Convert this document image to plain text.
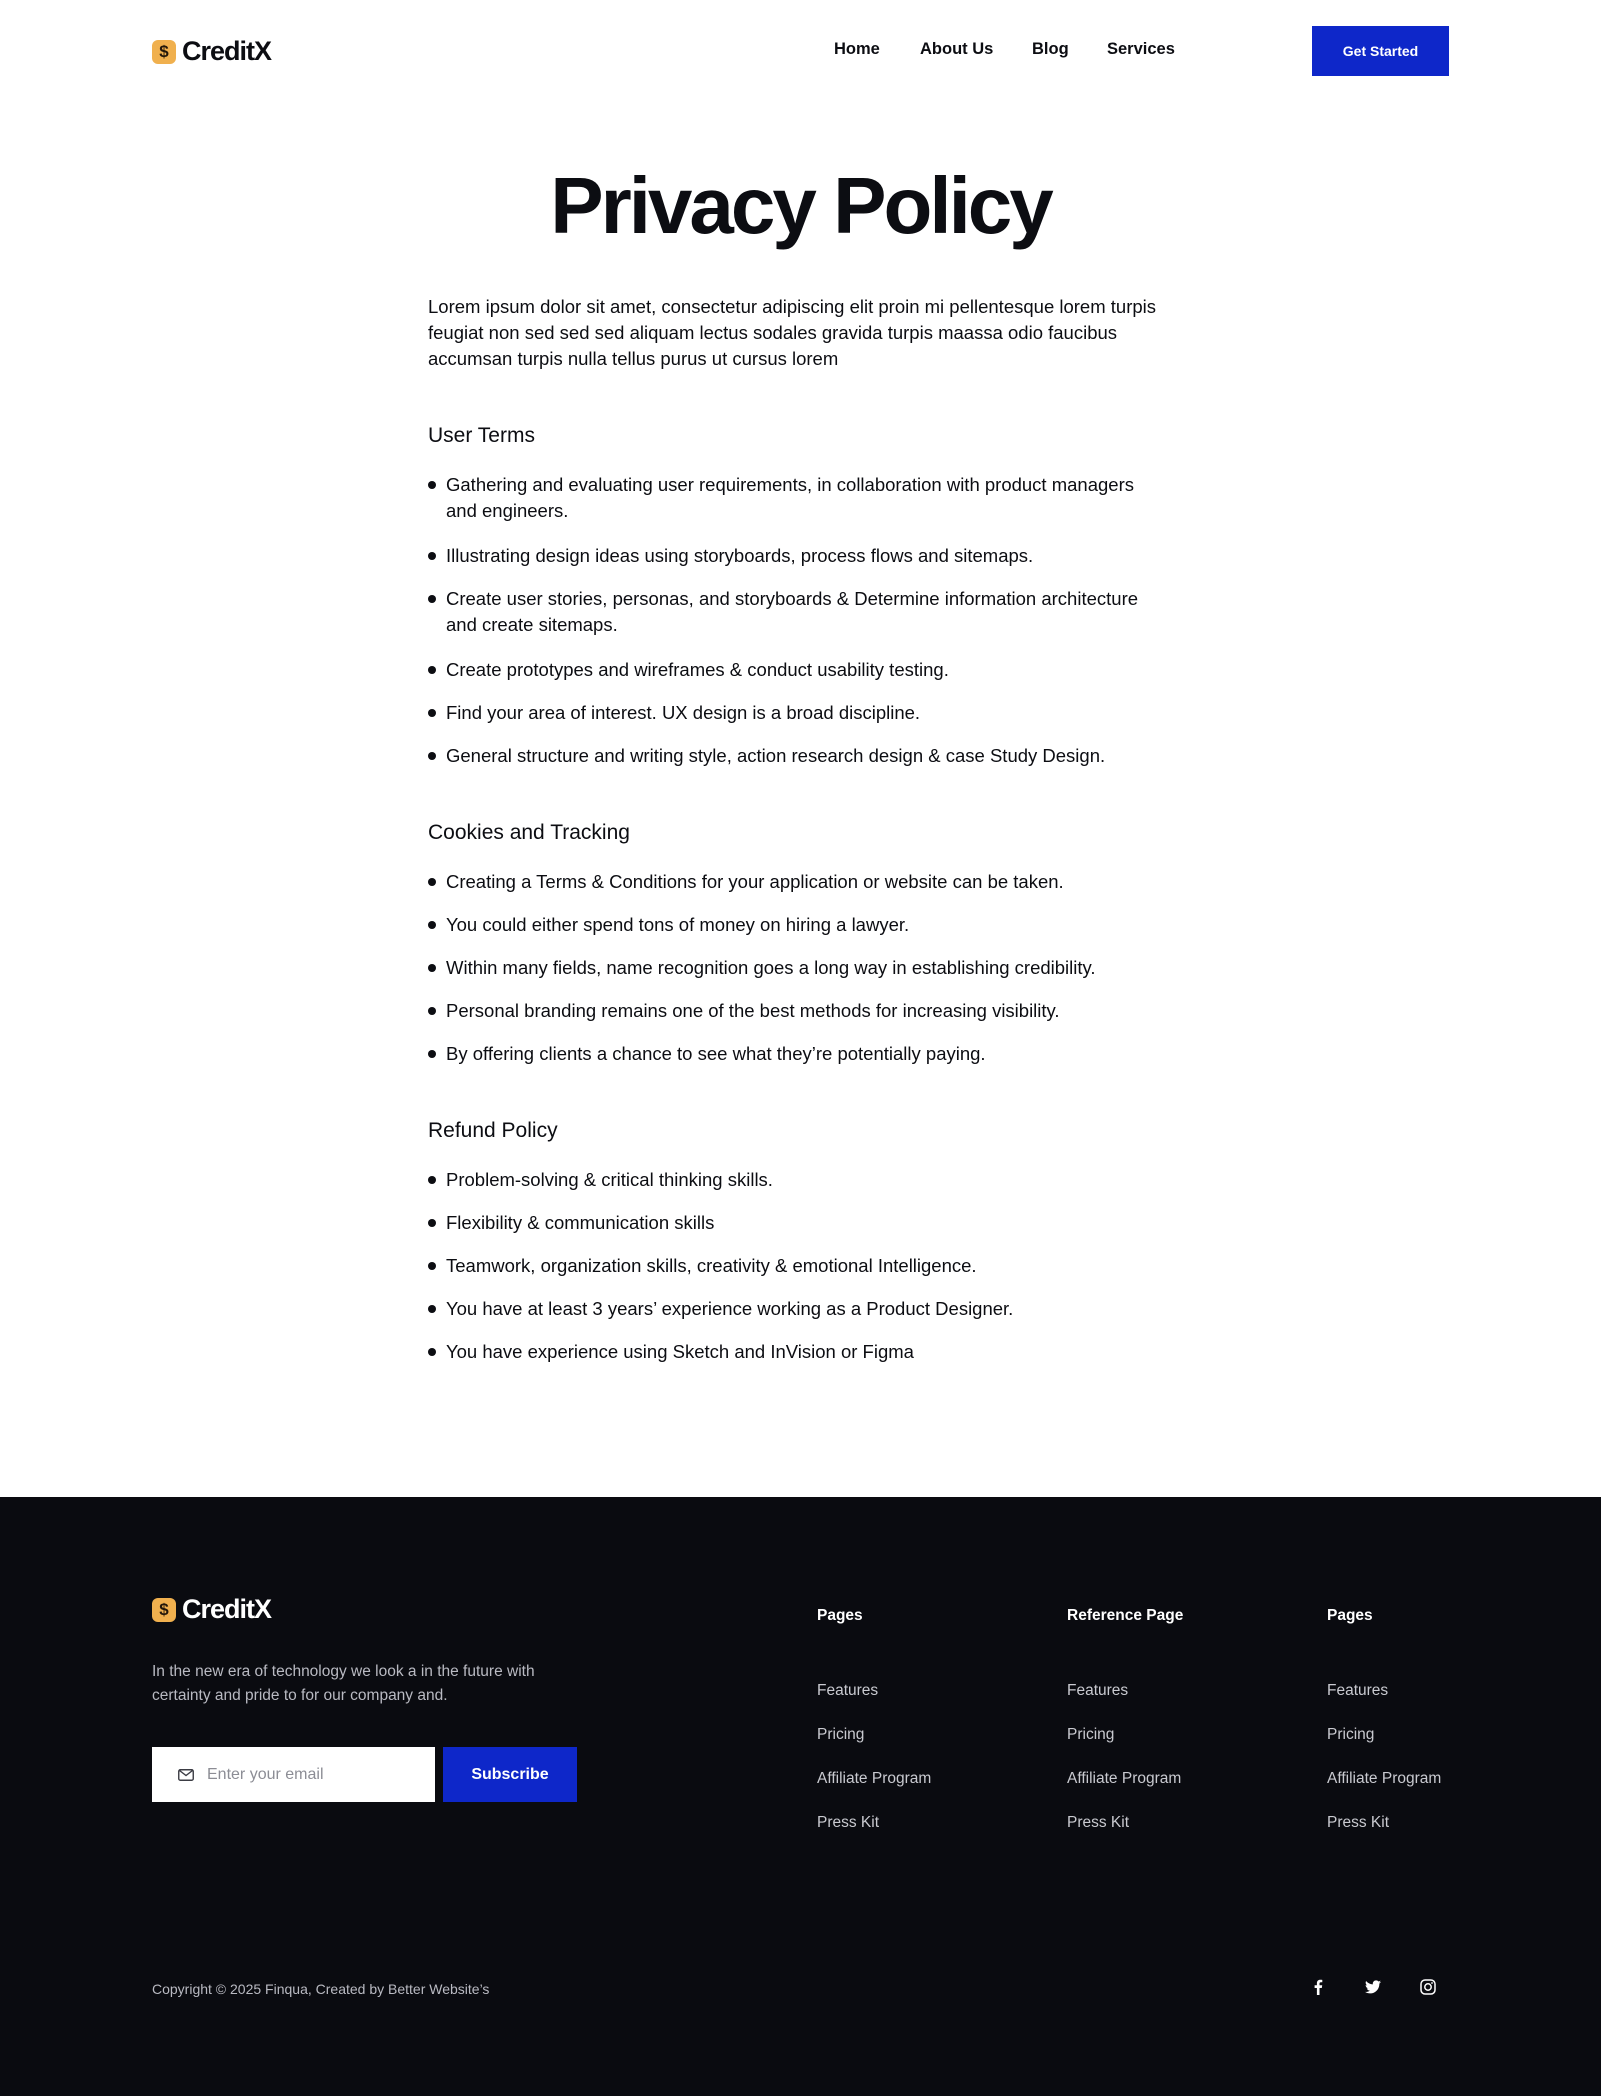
$ CreditX	Home About Us Blog Services	Get Started
Privacy Policy

Lorem ipsum dolor sit amet, consectetur adipiscing elit proin mi pellentesque lorem turpis feugiat non sed sed sed aliquam lectus sodales gravida turpis maassa odio faucibus accumsan turpis nulla tellus purus ut cursus lorem

User Terms
Gathering and evaluating user requirements, in collaboration with product managers and engineers.
Illustrating design ideas using storyboards, process flows and sitemaps.
Create user stories, personas, and storyboards & Determine information architecture and create sitemaps.
Create prototypes and wireframes & conduct usability testing.
Find your area of interest. UX design is a broad discipline.
General structure and writing style, action research design & case Study Design.
Cookies and Tracking
Creating a Terms & Conditions for your application or website can be taken.
You could either spend tons of money on hiring a lawyer.
Within many fields, name recognition goes a long way in establishing credibility.
Personal branding remains one of the best methods for increasing visibility.
By offering clients a chance to see what they’re potentially paying.
Refund Policy
Problem-solving & critical thinking skills.
Flexibility & communication skills
Teamwork, organization skills, creativity & emotional Intelligence.
You have at least 3 years’ experience working as a Product Designer.
You have experience using Sketch and InVision or Figma
$ CreditX

In the new era of technology we look a in the future with certainty and pride to for our company and.

Enter your email
Subscribe
Pages
Features
Pricing
Affiliate Program
Press Kit
Reference Page
Features
Pricing
Affiliate Program
Press Kit
Pages
Features
Pricing
Affiliate Program
Press Kit
Copyright © 2025 Finqua, Created by Better Website’s
